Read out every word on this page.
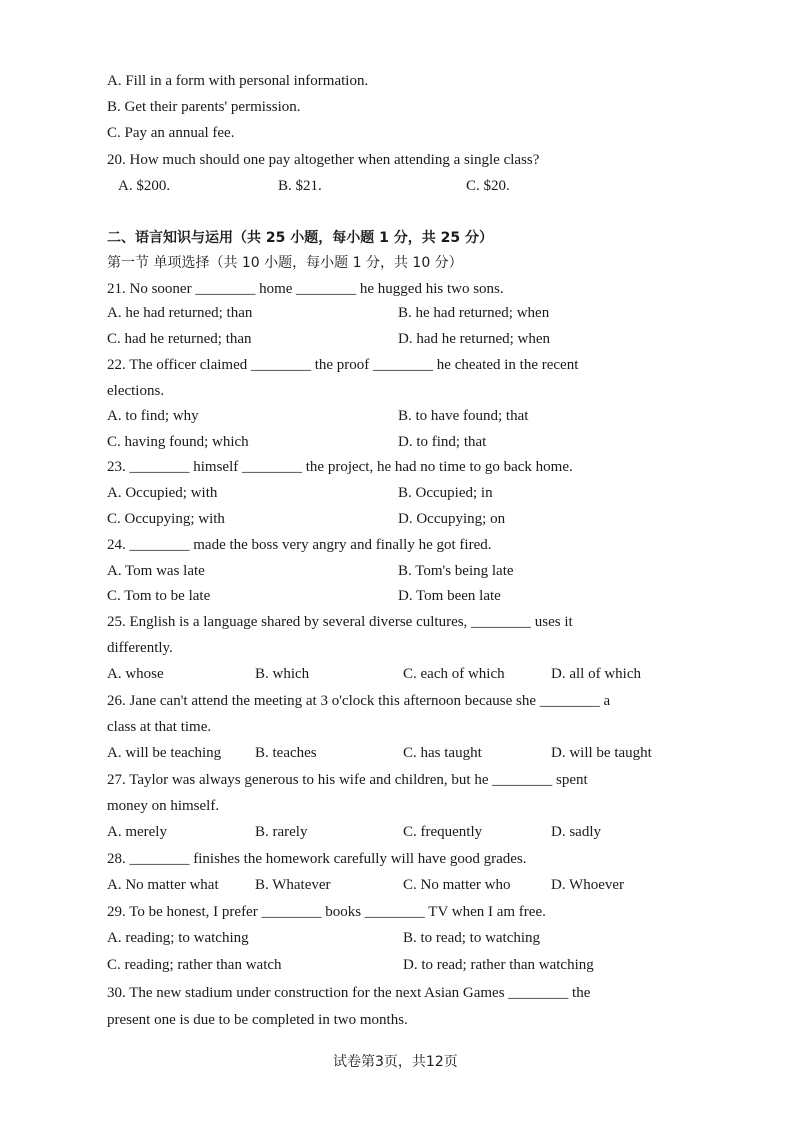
A. Fill in a form with personal information.
B. Get their parents' permission.
C. Pay an annual fee.
20. How much should one pay altogether when attending a single class?
A. $200.	B. $21.	C. $20.
二、语言知识与运用（共 25 小题，每小题 1 分，共 25 分）
第一节 单项选择（共 10 小题，每小题 1 分，共 10 分）
21. No sooner ________ home ________ he hugged his two sons.
A. he had returned; than	B. he had returned; when
C. had he returned; than	D. had he returned; when
22. The officer claimed ________ the proof ________ he cheated in the recent
elections.
A. to find; why	B. to have found; that
C. having found; which	D. to find; that
23. ________ himself ________ the project, he had no time to go back home.
A. Occupied; with	B. Occupied; in
C. Occupying; with	D. Occupying; on
24. ________ made the boss very angry and finally he got fired.
A. Tom was late	B. Tom's being late
C. Tom to be late	D. Tom been late
25. English is a language shared by several diverse cultures, ________ uses it
differently.
A. whose	B. which	C. each of which	D. all of which
26. Jane can't attend the meeting at 3 o'clock this afternoon because she ________ a
class at that time.
A. will be teaching B. teaches	C. has taught	D. will be taught
27. Taylor was always generous to his wife and children, but he ________ spent
money on himself.
A. merely	B. rarely	C. frequently	D. sadly
28. ________ finishes the homework carefully will have good grades.
A. No matter what B. Whatever	C. No matter who	D. Whoever
29. To be honest, I prefer ________ books ________ TV when I am free.
A. reading; to watching	B. to read; to watching
C. reading; rather than watch	D. to read; rather than watching
30. The new stadium under construction for the next Asian Games ________ the
present one is due to be completed in two months.
试卷第3页，共12页
